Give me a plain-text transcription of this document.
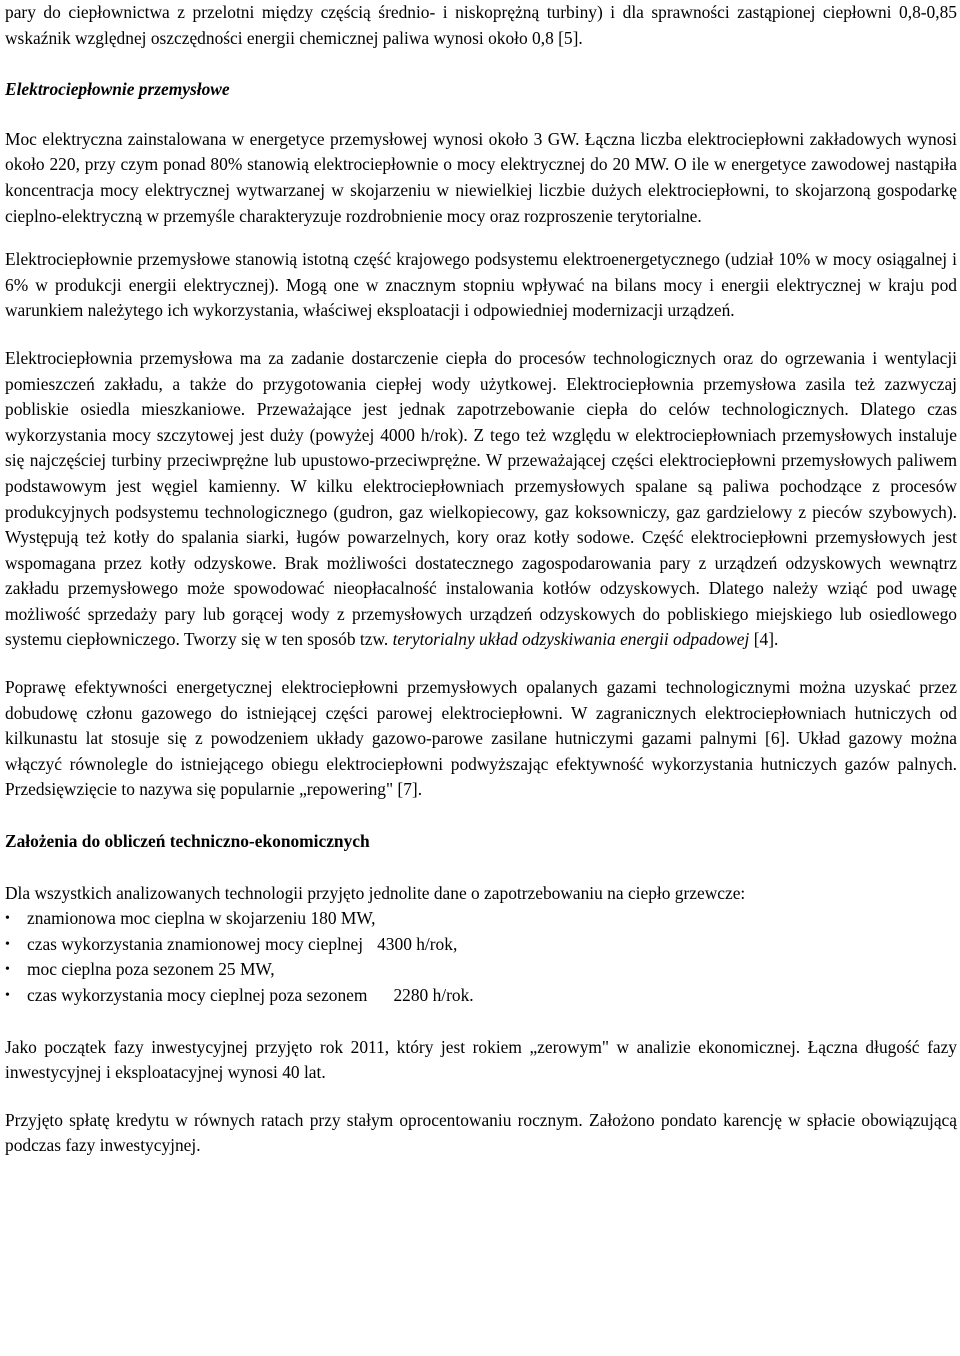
pary do ciepłownictwa z przelotni między częścią średnio- i niskoprężną turbiny) i dla sprawności zastąpionej ciepłowni 0,8-0,85 wskaźnik względnej oszczędności energii chemicznej paliwa wynosi około 0,8 [5].

Elektrociepłownie przemysłowe

Moc elektryczna zainstalowana w energetyce przemysłowej wynosi około 3 GW. Łączna liczba elektrociepłowni zakładowych wynosi około 220, przy czym ponad 80% stanowią elektrociepłownie o mocy elektrycznej do 20 MW. O ile w energetyce zawodowej nastąpiła koncentracja mocy elektrycznej wytwarzanej w skojarzeniu w niewielkiej liczbie dużych elektrociepłowni, to skojarzoną gospodarkę cieplno-elektryczną w przemyśle charakteryzuje rozdrobnienie mocy oraz rozproszenie terytorialne.

Elektrociepłownie przemysłowe stanowią istotną część krajowego podsystemu elektroenergetycznego (udział 10% w mocy osiągalnej i 6% w produkcji energii elektrycznej). Mogą one w znacznym stopniu wpływać na bilans mocy i energii elektrycznej w kraju pod warunkiem należytego ich wykorzystania, właściwej eksploatacji i odpowiedniej modernizacji urządzeń.

Elektrociepłownia przemysłowa ma za zadanie dostarczenie ciepła do procesów technologicznych oraz do ogrzewania i wentylacji pomieszczeń zakładu, a także do przygotowania ciepłej wody użytkowej. Elektrociepłownia przemysłowa zasila też zazwyczaj pobliskie osiedla mieszkaniowe. Przeważające jest jednak zapotrzebowanie ciepła do celów technologicznych. Dlatego czas wykorzystania mocy szczytowej jest duży (powyżej 4000 h/rok). Z tego też względu w elektrociepłowniach przemysłowych instaluje się najczęściej turbiny przeciwprężne lub upustowo-przeciwprężne. W przeważającej części elektrociepłowni przemysłowych paliwem podstawowym jest węgiel kamienny. W kilku elektrociepłowniach przemysłowych spalane są paliwa pochodzące z procesów produkcyjnych podsystemu technologicznego (gudron, gaz wielkopiecowy, gaz koksowniczy, gaz gardzielowy z pieców szybowych). Występują też kotły do spalania siarki, ługów powarzelnych, kory oraz kotły sodowe. Część elektrociepłowni przemysłowych jest wspomagana przez kotły odzyskowe. Brak możliwości dostatecznego zagospodarowania pary z urządzeń odzyskowych wewnątrz zakładu przemysłowego może spowodować nieopłacalność instalowania kotłów odzyskowych. Dlatego należy wziąć pod uwagę możliwość sprzedaży pary lub gorącej wody z przemysłowych urządzeń odzyskowych do pobliskiego miejskiego lub osiedlowego systemu ciepłowniczego. Tworzy się w ten sposób tzw. terytorialny układ odzyskiwania energii odpadowej [4].

Poprawę efektywności energetycznej elektrociepłowni przemysłowych opalanych gazami technologicznymi można uzyskać przez dobudowę członu gazowego do istniejącej części parowej elektrociepłowni. W zagranicznych elektrociepłowniach hutniczych od kilkunastu lat stosuje się z powodzeniem układy gazowo-parowe zasilane hutniczymi gazami palnymi [6]. Układ gazowy można włączyć równolegle do istniejącego obiegu elektrociepłowni podwyższając efektywność wykorzystania hutniczych gazów palnych. Przedsięwzięcie to nazywa się popularnie „repowering" [7].

Założenia do obliczeń techniczno-ekonomicznych

Dla wszystkich analizowanych technologii przyjęto jednolite dane o zapotrzebowaniu na ciepło grzewcze:

• znamionowa moc cieplna w skojarzeniu 180 MW,
• czas wykorzystania znamionowej mocy cieplnej 4300 h/rok,
• moc cieplna poza sezonem 25 MW,
• czas wykorzystania mocy cieplnej poza sezonem 2280 h/rok.

Jako początek fazy inwestycyjnej przyjęto rok 2011, który jest rokiem „zerowym" w analizie ekonomicznej. Łączna długość fazy inwestycyjnej i eksploatacyjnej wynosi 40 lat.

Przyjęto spłatę kredytu w równych ratach przy stałym oprocentowaniu rocznym. Założono pondato karencję w spłacie obowiązującą podczas fazy inwestycyjnej.
